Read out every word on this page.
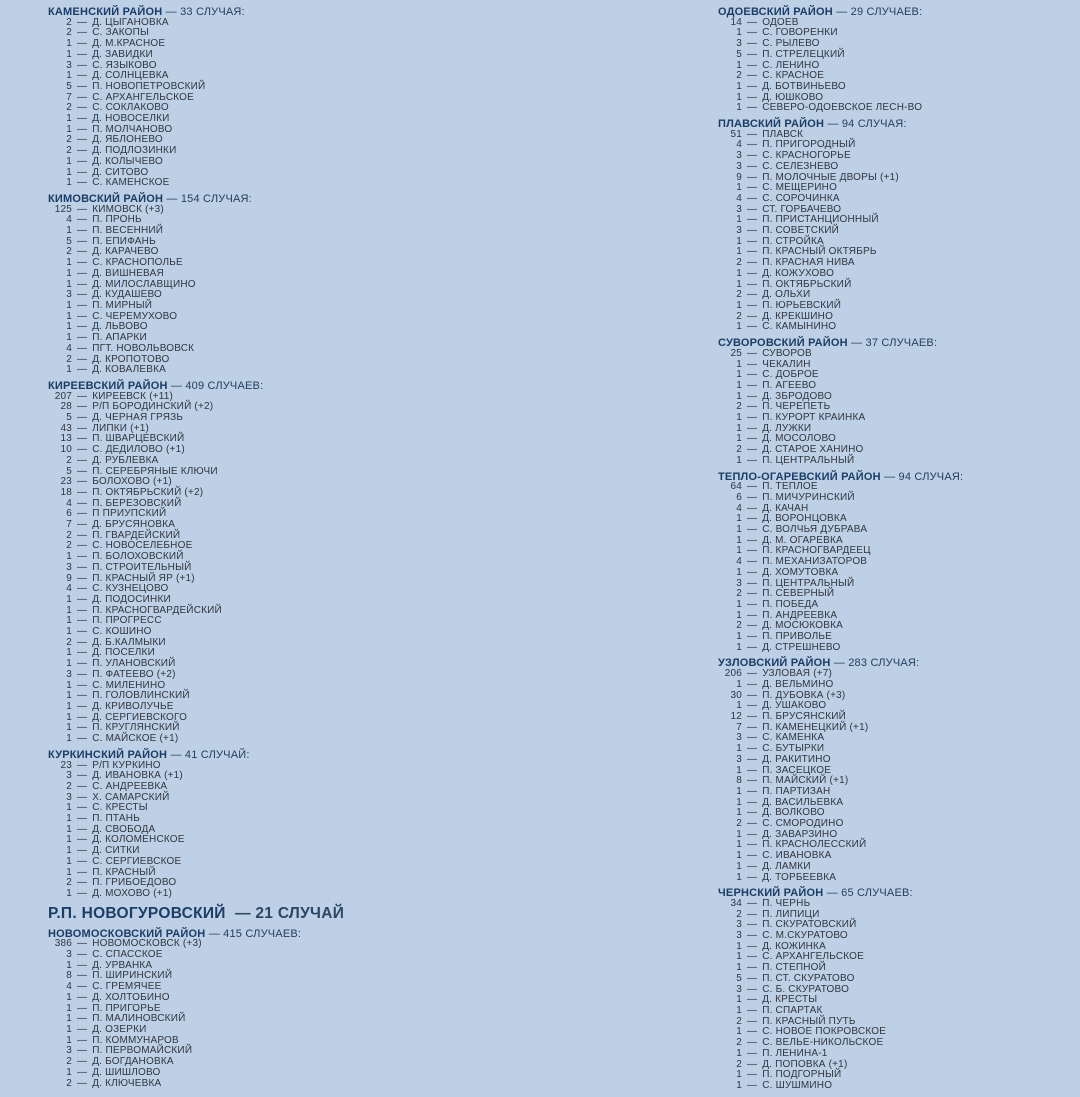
КАМЕНСКИЙ РАЙОН — 33 СЛУЧАЯ:
2 — Д. ЦЫГАНОВКА
2 — С. ЗАКОПЫ
1 — Д. М.КРАСНОЕ
1 — Д. ЗАВИДКИ
3 — С. ЯЗЫКОВО
1 — Д. СОЛНЦЕВКА
5 — П. НОВОПЕТРОВСКИЙ
7 — С. АРХАНГЕЛЬСКОЕ
2 — С. СОКЛАКОВО
1 — Д. НОВОСЕЛКИ
1 — П. МОЛЧАНОВО
2 — Д. ЯБЛОНЕВО
2 — Д. ПОДЛОЗИНКИ
1 — Д. КОЛЫЧЕВО
1 — Д. СИТОВО
1 — С. КАМЕНСКОЕ
КИМОВСКИЙ РАЙОН — 154 СЛУЧАЯ:
125 — КИМОВСК (+3)
4 — П. ПРОНЬ
1 — П. ВЕСЕННИЙ
5 — П. ЕПИФАНЬ
2 — Д. КАРАЧЕВО
1 — С. КРАСНОПОЛЬЕ
1 — Д. ВИШНЕВАЯ
1 — Д. МИЛОСЛАВЩИНО
3 — Д. КУДАШЕВО
1 — П. МИРНЫЙ
1 — С. ЧЕРЕМУХОВО
1 — Д. ЛЬВОВО
1 — П. АПАРКИ
4 — ПГТ. НОВОЛЬВОВСК
2 — Д. КРОПОТОВО
1 — Д. КОВАЛЕВКА
КИРЕЕВСКИЙ РАЙОН — 409 СЛУЧАЕВ:
207 — КИРЕЕВСК (+11)
28 — Р/П БОРОДИНСКИЙ (+2)
5 — Д. ЧЕРНАЯ ГРЯЗЬ
43 — ЛИПКИ (+1)
13 — П. ШВАРЦЕВСКИЙ
10 — С. ДЕДИЛОВО (+1)
2 — Д. РУБЛЕВКА
5 — П. СЕРЕБРЯНЫЕ КЛЮЧИ
23 — БОЛОХОВО (+1)
18 — П. ОКТЯБРЬСКИЙ (+2)
4 — П. БЕРЕЗОВСКИЙ
6 — П ПРИУПСКИЙ
7 — Д. БРУСЯНОВКА
2 — П. ГВАРДЕЙСКИЙ
2 — С. НОВОСЕЛЕБНОЕ
1 — П. БОЛОХОВСКИЙ
3 — П. СТРОИТЕЛЬНЫЙ
9 — П. КРАСНЫЙ ЯР (+1)
4 — С. КУЗНЕЦОВО
1 — Д. ПОДОСИНКИ
1 — П. КРАСНОГВАРДЕЙСКИЙ
1 — П. ПРОГРЕСС
1 — С. КОШИНО
2 — Д. Б.КАЛМЫКИ
1 — Д. ПОСЕЛКИ
1 — П. УЛАНОВСКИЙ
3 — П. ФАТЕЕВО (+2)
1 — С. МИЛЕНИНО
1 — П. ГОЛОВЛИНСКИЙ
1 — Д. КРИВОЛУЧЬЕ
1 — Д. СЕРГИЕВСКОГО
1 — П. КРУГЛЯНСКИЙ
1 — С. МАЙСКОЕ (+1)
КУРКИНСКИЙ РАЙОН — 41 СЛУЧАЙ:
23 — Р/П КУРКИНО
3 — Д. ИВАНОВКА (+1)
2 — С. АНДРЕЕВКА
3 — Х. САМАРСКИЙ
1 — С. КРЕСТЫ
1 — П. ПТАНЬ
1 — Д. СВОБОДА
1 — Д. КОЛОМЕНСКОЕ
1 — Д. СИТКИ
1 — С. СЕРГИЕВСКОЕ
1 — П. КРАСНЫЙ
2 — П. ГРИБОЕДОВО
1 — Д. МОХОВО (+1)
Р.П. НОВОГУРОВСКИЙ — 21 СЛУЧАЙ
НОВОМОСКОВСКИЙ РАЙОН — 415 СЛУЧАЕВ:
386 — НОВОМОСКОВСК (+3)
3 — С. СПАССКОЕ
1 — Д. УРВАНКА
8 — П. ШИРИНСКИЙ
4 — С. ГРЕМЯЧЕЕ
1 — Д. ХОЛТОБИНО
1 — П. ПРИГОРЬЕ
1 — П. МАЛИНОВСКИЙ
1 — Д. ОЗЕРКИ
1 — П. КОММУНАРОВ
3 — П. ПЕРВОМАЙСКИЙ
2 — Д. БОГДАНОВКА
1 — Д. ШИШЛОВО
2 — Д. КЛЮЧЕВКА
ОДОЕВСКИЙ РАЙОН — 29 СЛУЧАЕВ:
14 — ОДОЕВ
1 — С. ГОВОРЕНКИ
3 — С. РЫЛЕВО
5 — П. СТРЕЛЕЦКИЙ
1 — С. ЛЕНИНО
2 — С. КРАСНОЕ
1 — Д. БОТВИНЬЕВО
1 — Д. ЮШКОВО
1 — СЕВЕРО-ОДОЕВСКОЕ ЛЕСН-ВО
ПЛАВСКИЙ РАЙОН — 94 СЛУЧАЯ:
51 — ПЛАВСК
4 — П. ПРИГОРОДНЫЙ
3 — С. КРАСНОГОРЬЕ
3 — С. СЕЛЕЗНЕВО
9 — П. МОЛОЧНЫЕ ДВОРЫ (+1)
1 — С. МЕЩЕРИНО
4 — С. СОРОЧИНКА
3 — СТ. ГОРБАЧЕВО
1 — П. ПРИСТАНЦИОННЫЙ
3 — П. СОВЕТСКИЙ
1 — П. СТРОЙКА
1 — П. КРАСНЫЙ ОКТЯБРЬ
2 — П. КРАСНАЯ НИВА
1 — Д. КОЖУХОВО
1 — П. ОКТЯБРЬСКИЙ
2 — Д. ОЛЬХИ
1 — П. ЮРЬЕВСКИЙ
2 — Д. КРЕКШИНО
1 — С. КАМЫНИНО
СУВОРОВСКИЙ РАЙОН — 37 СЛУЧАЕВ:
25 — СУВОРОВ
1 — ЧЕКАЛИН
1 — С. ДОБРОЕ
1 — П. АГЕЕВО
1 — Д. ЗБРОДОВО
2 — П. ЧЕРЕПЕТЬ
1 — П. КУРОРТ КРАИНКА
1 — Д. ЛУЖКИ
1 — Д. МОСОЛОВО
2 — Д. СТАРОЕ ХАНИНО
1 — П. ЦЕНТРАЛЬНЫЙ
ТЕПЛО-ОГАРЕВСКИЙ РАЙОН — 94 СЛУЧАЯ:
64 — П. ТЕПЛОЕ
6 — П. МИЧУРИНСКИЙ
4 — Д. КАЧАН
1 — Д. ВОРОНЦОВКА
1 — С. ВОЛЧЬЯ ДУБРАВА
1 — Д. М. ОГАРЕВКА
1 — П. КРАСНОГВАРДЕЕЦ
4 — П. МЕХАНИЗАТОРОВ
1 — Д. ХОМУТОВКА
3 — П. ЦЕНТРАЛЬНЫЙ
2 — П. СЕВЕРНЫЙ
1 — П. ПОБЕДА
1 — П. АНДРЕЕВКА
2 — Д. МОСЮКОВКА
1 — П. ПРИВОЛЬЕ
1 — Д. СТРЕШНЕВО
УЗЛОВСКИЙ РАЙОН — 283 СЛУЧАЯ:
206 — УЗЛОВАЯ (+7)
1 — Д. ВЕЛЬМИНО
30 — П. ДУБОВКА (+3)
1 — Д. УШАКОВО
12 — П. БРУСЯНСКИЙ
7 — П. КАМЕНЕЦКИЙ (+1)
3 — С. КАМЕНКА
1 — С. БУТЫРКИ
3 — Д. РАКИТИНО
1 — П. ЗАСЕЦКОЕ
8 — П. МАЙСКИЙ (+1)
1 — П. ПАРТИЗАН
1 — Д. ВАСИЛЬЕВКА
1 — Д. ВОЛКОВО
2 — С. СМОРОДИНО
1 — Д. ЗАВАРЗИНО
1 — П. КРАСНОЛЕССКИЙ
1 — С. ИВАНОВКА
1 — Д. ЛАМКИ
1 — Д. ТОРБЕЕВКА
ЧЕРНСКИЙ РАЙОН — 65 СЛУЧАЕВ:
34 — П. ЧЕРНЬ
2 — П. ЛИПИЦИ
3 — П. СКУРАТОВСКИЙ
3 — С. М.СКУРАТОВО
1 — Д. КОЖИНКА
1 — С. АРХАНГЕЛЬСКОЕ
1 — П. СТЕПНОЙ
5 — П. СТ. СКУРАТОВО
3 — С. Б. СКУРАТОВО
1 — Д. КРЕСТЫ
1 — П. СПАРТАК
2 — П. КРАСНЫЙ ПУТЬ
1 — С. НОВОЕ ПОКРОВСКОЕ
2 — С. ВЕЛЬЕ-НИКОЛЬСКОЕ
1 — П. ЛЕНИНА-1
2 — Д. ПОПОВКА (+1)
1 — П. ПОДГОРНЫЙ
1 — С. ШУШМИНО
